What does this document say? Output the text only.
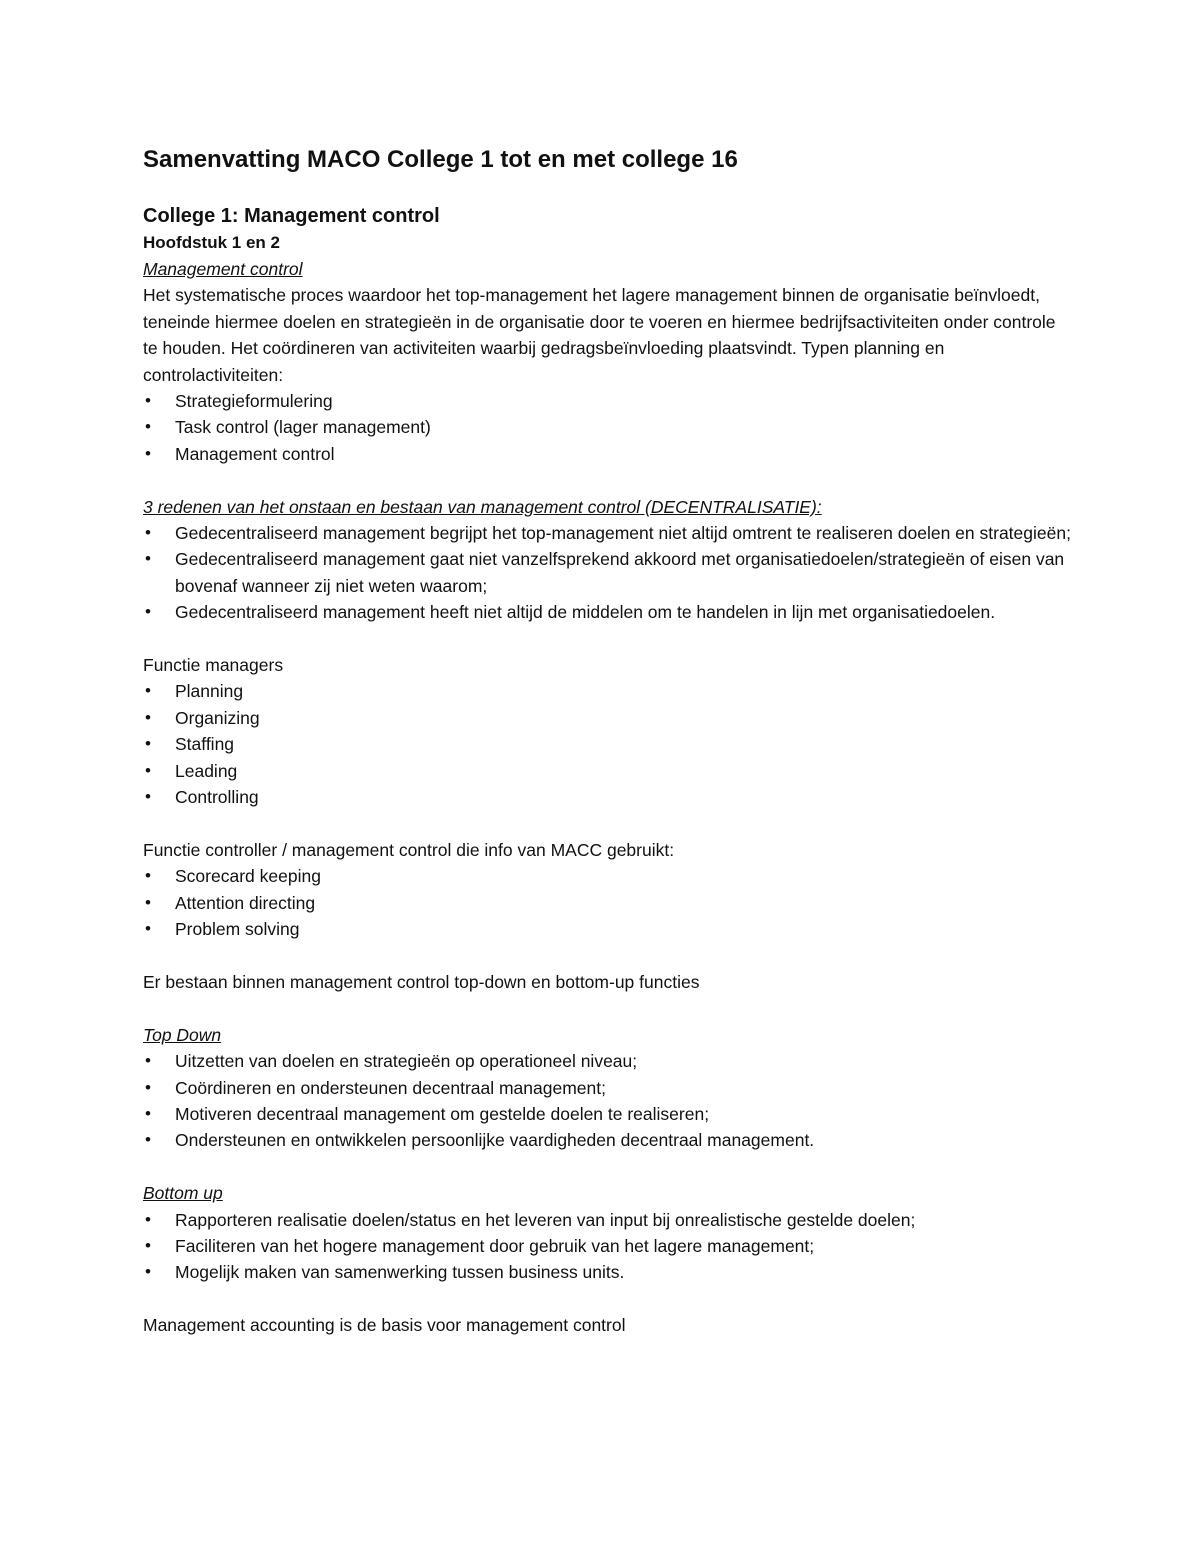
Samenvatting MACO College 1 tot en met college 16
College 1: Management control
Hoofdstuk 1 en 2
Management control

Het systematische proces waardoor het top-management het lagere management binnen de organisatie beïnvloedt, teneinde hiermee doelen en strategieën in de organisatie door te voeren en hiermee bedrijfsactiviteiten onder controle te houden. Het coördineren van activiteiten waarbij gedragsbeïnvloeding plaatsvindt. Typen planning en controlactiviteiten:

• Strategieformulering
• Task control (lager management)
• Management control
3 redenen van het onstaan en bestaan van management control (DECENTRALISATIE):
• Gedecentraliseerd management begrijpt het top-management niet altijd omtrent te realiseren doelen en strategieën;
• Gedecentraliseerd management gaat niet vanzelfsprekend akkoord met organisatiedoelen/strategieën of eisen van bovenaf wanneer zij niet weten waarom;
• Gedecentraliseerd management heeft niet altijd de middelen om te handelen in lijn met organisatiedoelen.
Functie managers
• Planning
• Organizing
• Staffing
• Leading
• Controlling
Functie controller / management control die info van MACC gebruikt:
• Scorecard keeping
• Attention directing
• Problem solving
Er bestaan binnen management control top-down en bottom-up functies
Top Down
• Uitzetten van doelen en strategieën op operationeel niveau;
• Coördineren en ondersteunen decentraal management;
• Motiveren decentraal management om gestelde doelen te realiseren;
• Ondersteunen en ontwikkelen persoonlijke vaardigheden decentraal management.
Bottom up
• Rapporteren realisatie doelen/status en het leveren van input bij onrealistische gestelde doelen;
• Faciliteren van het hogere management door gebruik van het lagere management;
• Mogelijk maken van samenwerking tussen business units.
Management accounting is de basis voor management control
